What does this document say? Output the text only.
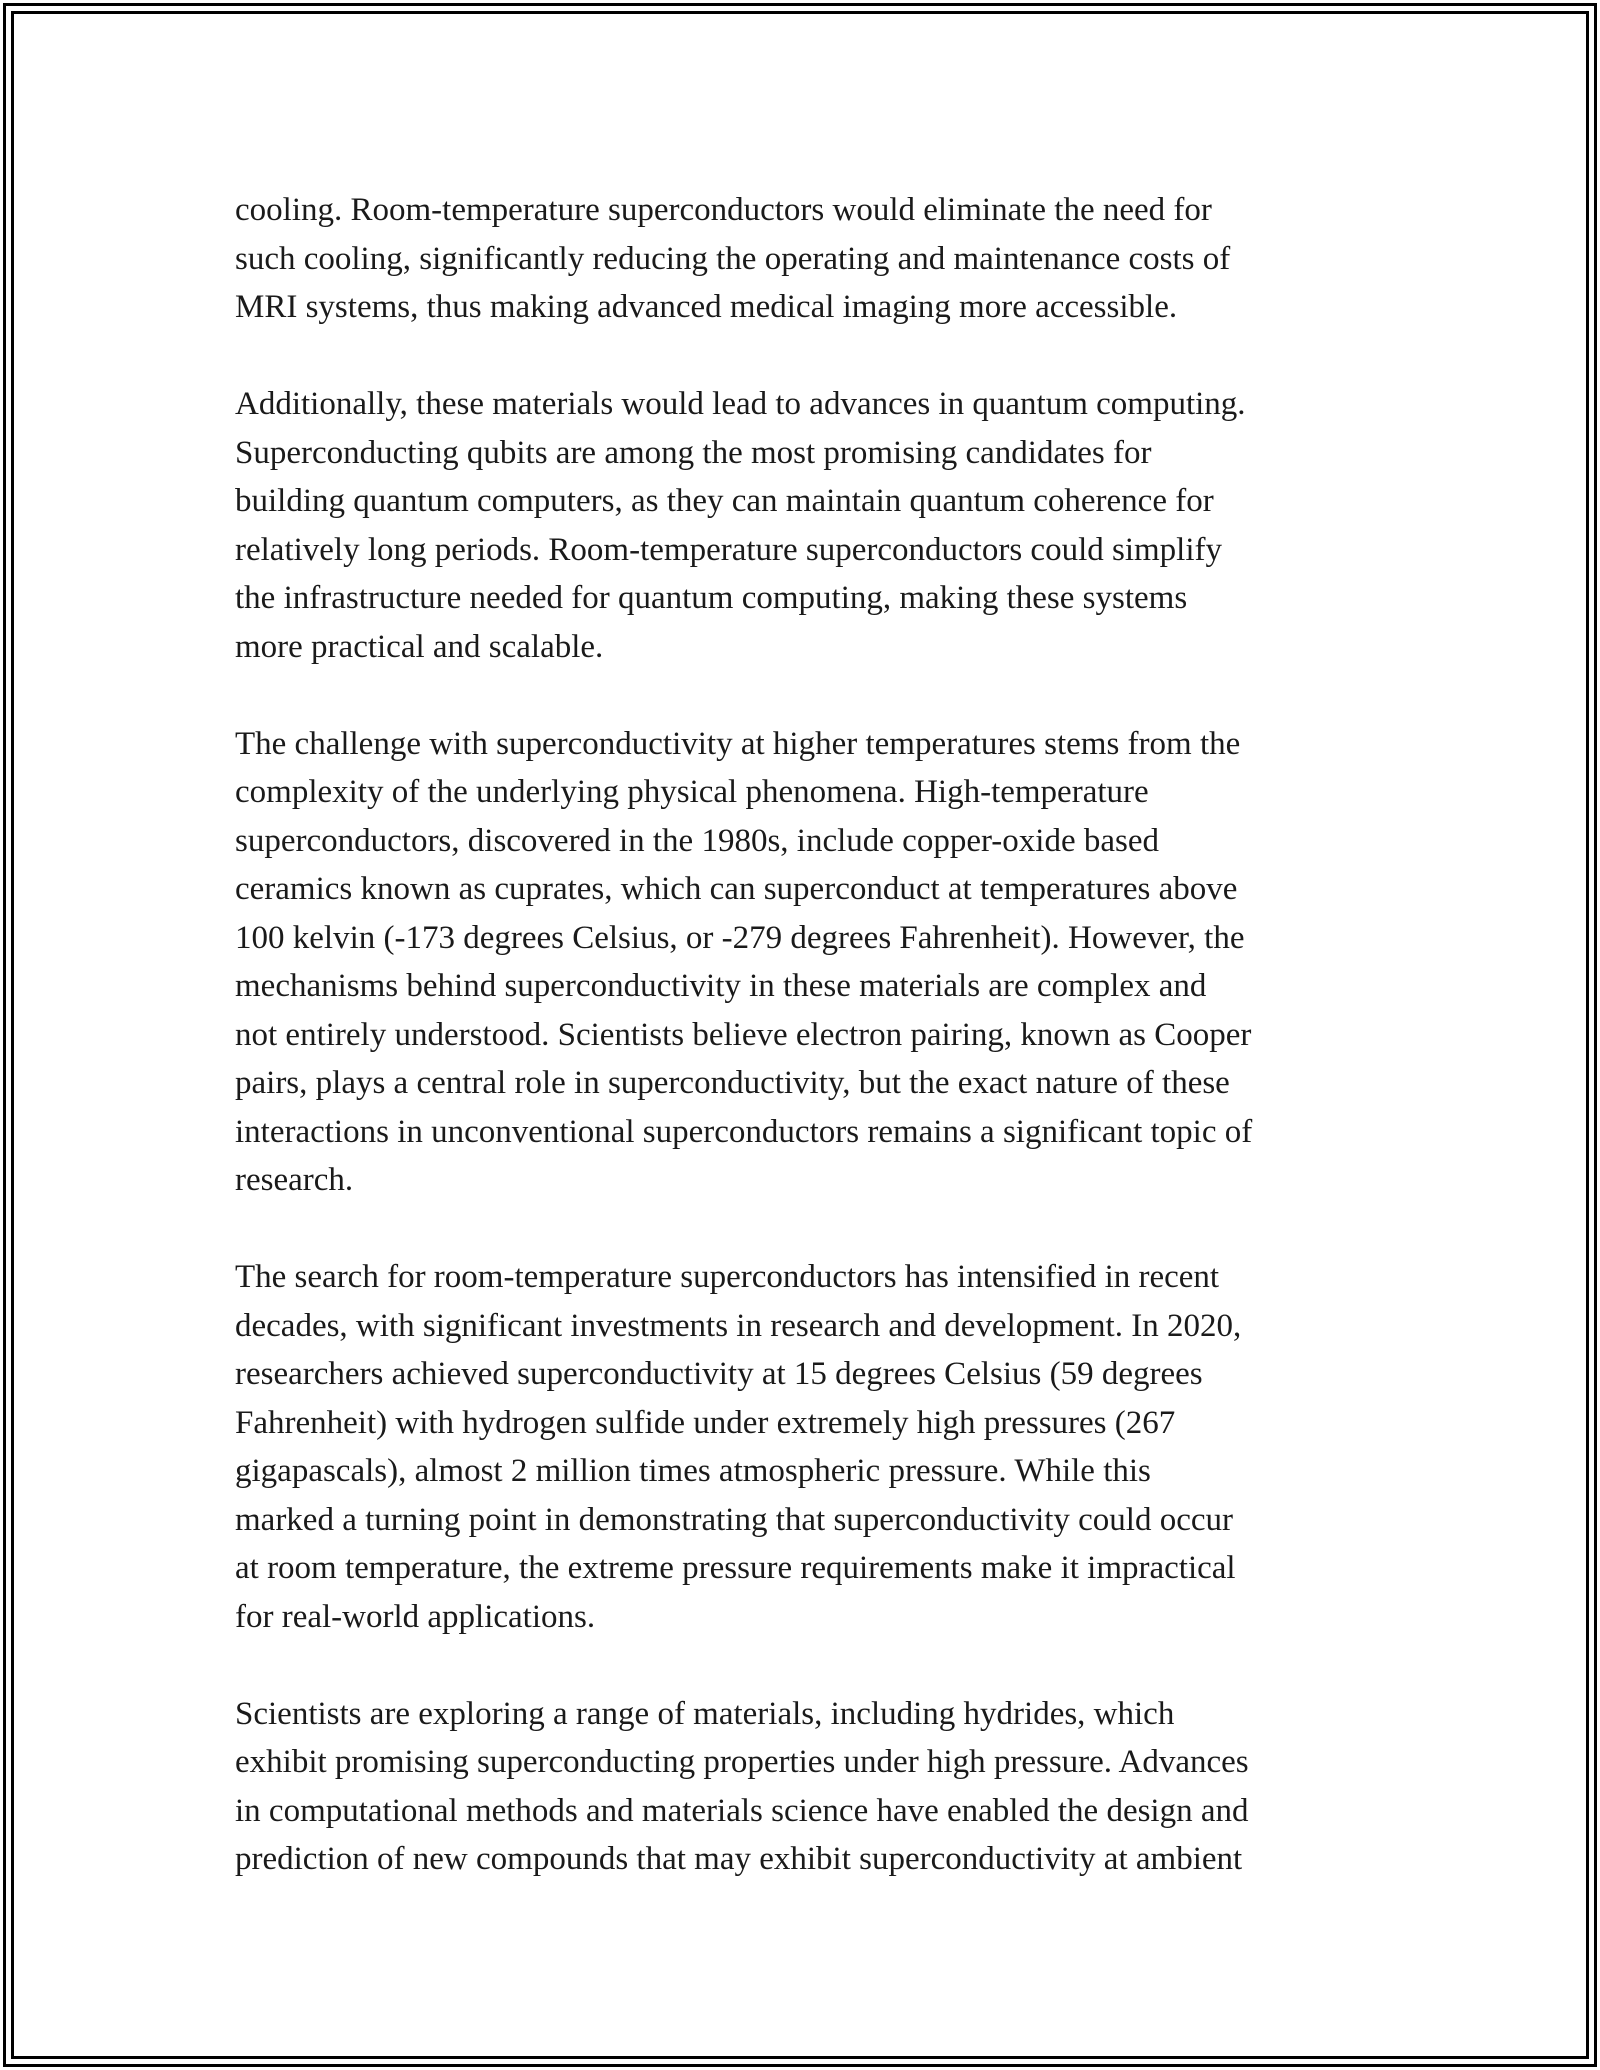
cooling. Room-temperature superconductors would eliminate the need for
such cooling, significantly reducing the operating and maintenance costs of
MRI systems, thus making advanced medical imaging more accessible.

Additionally, these materials would lead to advances in quantum computing.
Superconducting qubits are among the most promising candidates for
building quantum computers, as they can maintain quantum coherence for
relatively long periods. Room-temperature superconductors could simplify
the infrastructure needed for quantum computing, making these systems
more practical and scalable.

The challenge with superconductivity at higher temperatures stems from the
complexity of the underlying physical phenomena. High-temperature
superconductors, discovered in the 1980s, include copper-oxide based
ceramics known as cuprates, which can superconduct at temperatures above
100 kelvin (-173 degrees Celsius, or -279 degrees Fahrenheit). However, the
mechanisms behind superconductivity in these materials are complex and
not entirely understood. Scientists believe electron pairing, known as Cooper
pairs, plays a central role in superconductivity, but the exact nature of these
interactions in unconventional superconductors remains a significant topic of
research.

The search for room-temperature superconductors has intensified in recent
decades, with significant investments in research and development. In 2020,
researchers achieved superconductivity at 15 degrees Celsius (59 degrees
Fahrenheit) with hydrogen sulfide under extremely high pressures (267
gigapascals), almost 2 million times atmospheric pressure. While this
marked a turning point in demonstrating that superconductivity could occur
at room temperature, the extreme pressure requirements make it impractical
for real-world applications.

Scientists are exploring a range of materials, including hydrides, which
exhibit promising superconducting properties under high pressure. Advances
in computational methods and materials science have enabled the design and
prediction of new compounds that may exhibit superconductivity at ambient
